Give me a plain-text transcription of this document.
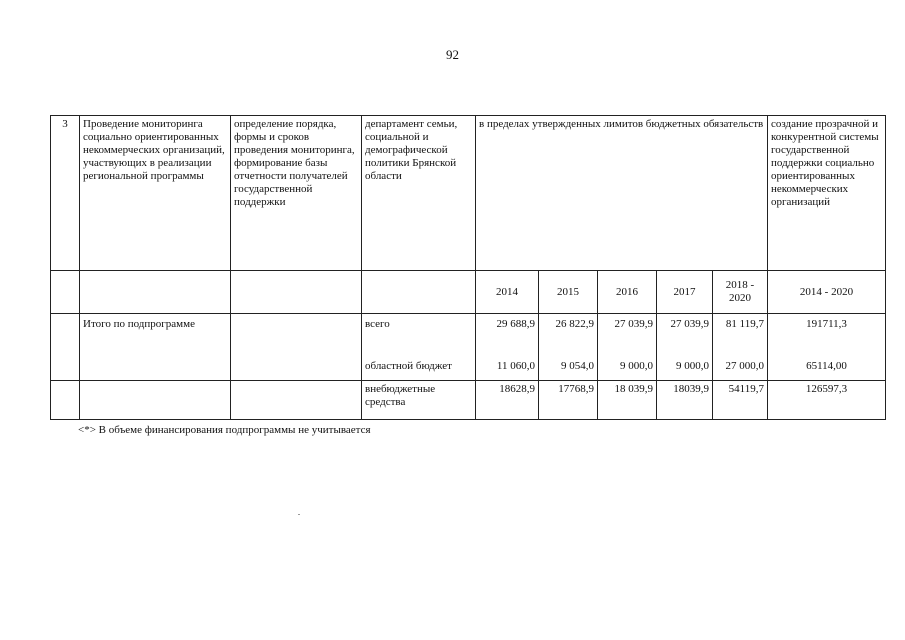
92
3	Проведение мониторинга социально ориентированных некоммерческих организаций, участвующих в реализации региональной программы	определение порядка, формы и сроков проведения мониторинга, формирование базы отчетности получателей государственной поддержки	департамент семьи, социальной и демографической политики Брянской области	в пределах утвержденных лимитов бюджетных обязательств					создание прозрачной и конкурентной системы государственной поддержки социально ориентированных некоммерческих организаций
				2014	2015	2016	2017	2018 - 2020	2014 - 2020
	Итого по подпрограмме		всего	29 688,9	26 822,9	27 039,9	27 039,9	81 119,7	191711,3
			областной бюджет	11 060,0	9 054,0	9 000,0	9 000,0	27 000,0	65114,00
			внебюджетные средства	18628,9	17768,9	18 039,9	18039,9	54119,7	126597,3
<*> В объеме финансирования подпрограммы не учитывается
